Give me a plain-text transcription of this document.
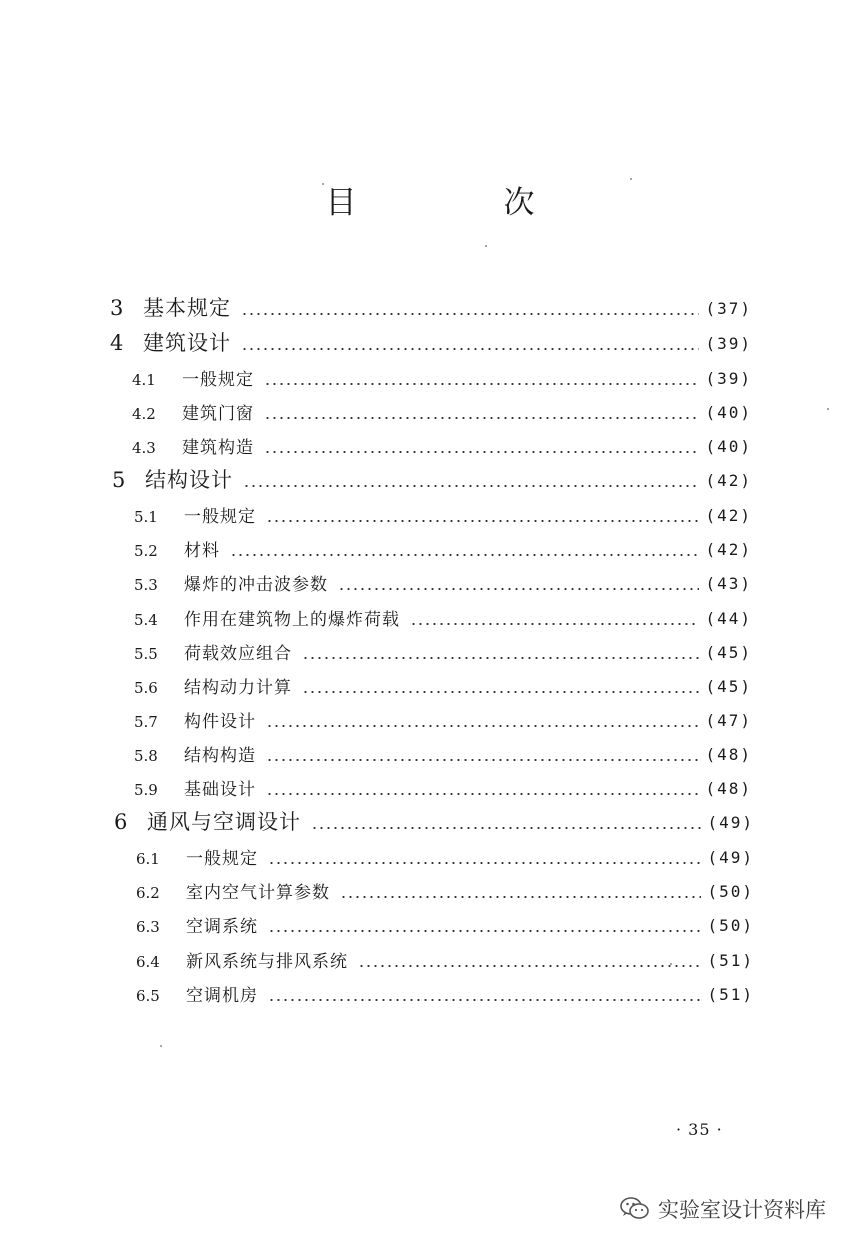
目　次
3 基本规定	(37)
4 建筑设计	(39)
4.1	一般规定	(39)
4.2	建筑门窗	(40)
4.3	建筑构造	(40)
5 结构设计	(42)
5.1	一般规定	(42)
5.2	材料	(42)
5.3	爆炸的冲击波参数	(43)
5.4	作用在建筑物上的爆炸荷载	(44)
5.5	荷载效应组合	(45)
5.6	结构动力计算	(45)
5.7	构件设计	(47)
5.8	结构构造	(48)
5.9	基础设计	(48)
6 通风与空调设计	(49)
6.1	一般规定	(49)
6.2	室内空气计算参数	(50)
6.3	空调系统	(50)
6.4	新风系统与排风系统	(51)
6.5	空调机房	(51)
· 35 ·
实验室设计资料库
